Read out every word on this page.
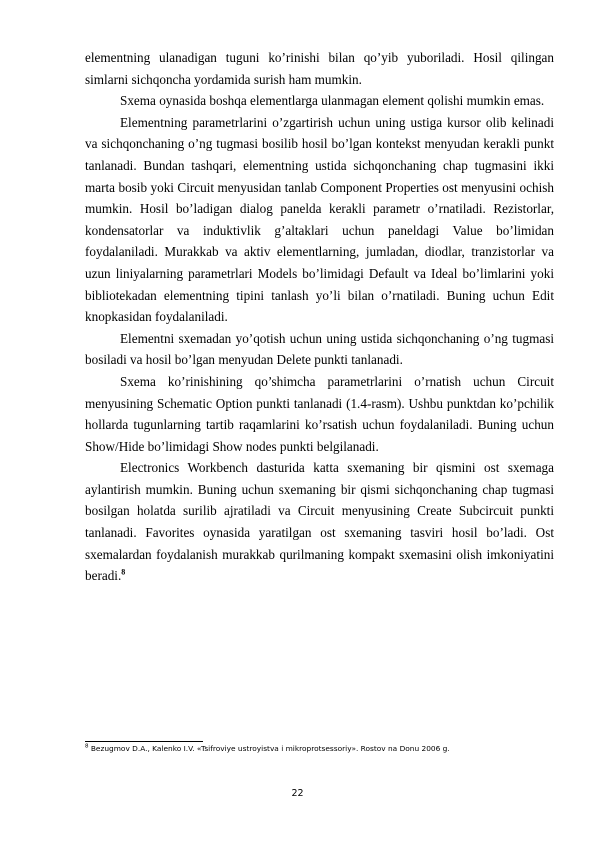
elementning ulanadigan tuguni ko’rinishi bilan qo’yib yuboriladi. Hosil qilingan simlarni sichqoncha yordamida surish ham mumkin.

Sxema oynasida boshqa elementlarga ulanmagan element qolishi mumkin emas.

Elementning parametrlarini o’zgartirish uchun uning ustiga kursor olib kelinadi va sichqonchaning o’ng tugmasi bosilib hosil bo’lgan kontekst menyudan kerakli punkt tanlanadi. Bundan tashqari, elementning ustida sichqonchaning chap tugmasini ikki marta bosib yoki Circuit menyusidan tanlab Component Properties ost menyusini ochish mumkin. Hosil bo’ladigan dialog panelda kerakli parametr o’rnatiladi. Rezistorlar, kondensatorlar va induktivlik g’altaklari uchun paneldagi Value bo’limidan foydalaniladi. Murakkab va aktiv elementlarning, jumladan, diodlar, tranzistorlar va uzun liniyalarning parametrlari Models bo’limidagi Default va Ideal bo’limlarini yoki bibliotekadan elementning tipini tanlash yo’li bilan o’rnatiladi. Buning uchun Edit knopkasidan foydalaniladi.

Elementni sxemadan yo’qotish uchun uning ustida sichqonchaning o’ng tugmasi bosiladi va hosil bo’lgan menyudan Delete punkti tanlanadi.

Sxema ko’rinishining qo’shimcha parametrlarini o’rnatish uchun Circuit menyusining Schematic Option punkti tanlanadi (1.4-rasm). Ushbu punktdan ko’pchilik hollarda tugunlarning tartib raqamlarini ko’rsatish uchun foydalaniladi. Buning uchun Show/Hide bo’limidagi Show nodes punkti belgilanadi.

Electronics Workbench dasturida katta sxemaning bir qismini ost sxemaga aylantirish mumkin. Buning uchun sxemaning bir qismi sichqonchaning chap tugmasi bosilgan holatda surilib ajratiladi va Circuit menyusining Create Subcircuit punkti tanlanadi. Favorites oynasida yaratilgan ost sxemaning tasviri hosil bo’ladi. Ost sxemalardan foydalanish murakkab qurilmaning kompakt sxemasini olish imkoniyatini beradi.$^8$

$^8$ Bezugmov D.A., Kalenko I.V. «Tsifroviye ustroyistva i mikroprotsessoriy». Rostov na Donu 2006 g.
22
